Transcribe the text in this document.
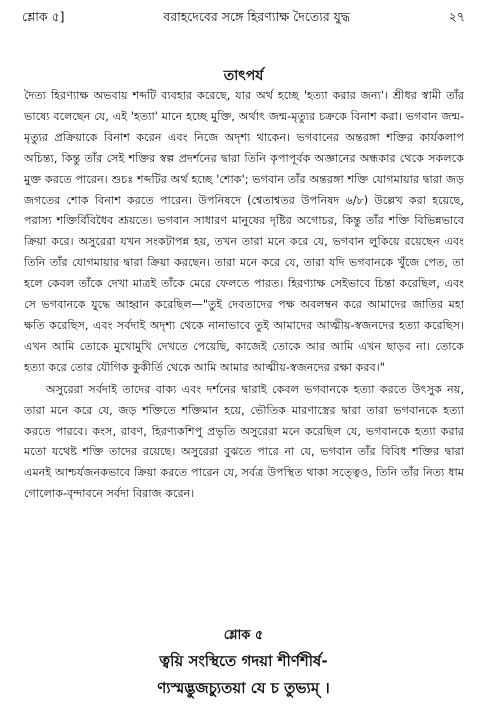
শ্লোক ৫]	বরাহদেবের সঙ্গে হিরণ্যাক্ষ দৈত্যের যুদ্ধ	২৭
তাৎপর্য

দৈত্য হিরণ্যাক্ষ অভবায় শব্দটি ব্যবহার করেছে, যার অর্থ হচ্ছে 'হত্যা করার জন্য'। শ্রীধর স্বামী তাঁর ভাষ্যে বলেছেন যে, এই 'হত্যা' মানে হচ্ছে মুক্তি, অর্থাৎ জন্ম-মৃত্যুর চক্রকে বিনাশ করা। ভগবান জন্ম-মৃত্যুর প্রক্রিয়াকে বিনাশ করেন এবং নিজে অদৃশ্য থাকেন। ভগবানের অন্তরঙ্গা শক্তির কার্যকলাপ অচিন্ত্য, কিন্তু তাঁর সেই শক্তির স্বল্প প্রদর্শনের দ্বারা তিনি কৃপাপূর্বক অজ্ঞানের অন্ধকার থেকে সকলকে মুক্ত করতে পারেন। শুচঃ শব্দটির অর্থ হচ্ছে 'শোক'; ভগবান তাঁর অন্তরঙ্গা শক্তি যোগমায়ার দ্বারা জড় জগতের শোক বিনাশ করতে পারেন। উপনিষদে (শ্বেতাশ্বতর উপনিষদ ৬/৮) উল্লেখ করা হয়েছে, পরাস্য শক্তির্বিবিধৈব শ্রূয়তে। ভগবান সাধারণ মানুষের দৃষ্টির অগোচর, কিন্তু তাঁর শক্তি বিভিন্নভাবে ক্রিয়া করে। অসুরেরা যখন সংকটাপন্ন হয়, তখন তারা মনে করে যে, ভগবান লুকিয়ে রয়েছেন এবং তিনি তাঁর যোগমায়ার দ্বারা ক্রিয়া করছেন। তারা মনে করে যে, তারা যদি ভগবানকে খুঁজে পেত, তা হলে কেবল তাঁকে দেখা মাত্রই তাঁকে মেরে ফেলতে পারত। হিরণ্যাক্ষ সেইভাবে চিন্তা করেছিল, এবং সে ভগবানকে যুদ্ধে আহ্বান করেছিল—"তুই দেবতাদের পক্ষ অবলম্বন করে আমাদের জাতির মহা ক্ষতি করেছিস, এবং সর্বদাই অদৃশ্য থেকে নানাভাবে তুই আমাদের আত্মীয়-স্বজনদের হত্যা করেছিস। এখন আমি তোকে মুখোমুখি দেখতে পেয়েছি, কাজেই তোকে আর আমি এখন ছাড়ব না। তোকে হত্যা করে তোর যৌগিক কুকীর্তি থেকে আমি আমার আত্মীয়-স্বজনদের রক্ষা করব।"

অসুরেরা সর্বদাই তাদের বাক্য এবং দর্শনের দ্বারাই কেবল ভগবানকে হত্যা করতে উৎসুক নয়, তারা মনে করে যে, জড় শক্তিতে শক্তিমান হয়ে, ভৌতিক মারণাস্ত্রের দ্বারা তারা ভগবানকে হত্যা করতে পারবে। কংস, রাবণ, হিরণ্যকশিপু প্রভৃতি অসুরেরা মনে করেছিল যে, ভগবানকে হত্যা করার মতো যথেষ্ট শক্তি তাদের রয়েছে। অসুরেরা বুঝতে পারে না যে, ভগবান তাঁর বিবিধ শক্তির দ্বারা এমনই আশ্চর্যজনকভাবে ক্রিয়া করতে পারেন যে, সর্বত্র উপস্থিত থাকা সত্ত্বেও, তিনি তাঁর নিত্য ধাম গোলোক-বৃন্দাবনে সর্বদা বিরাজ করেন।

শ্লোক ৫
ত্বয়ি সংস্থিতে গদয়া শীর্ণশীর্ষ-
ণ্যস্মদ্ভুজচ্যুতয়া যে চ তুভ্যম্ ।
